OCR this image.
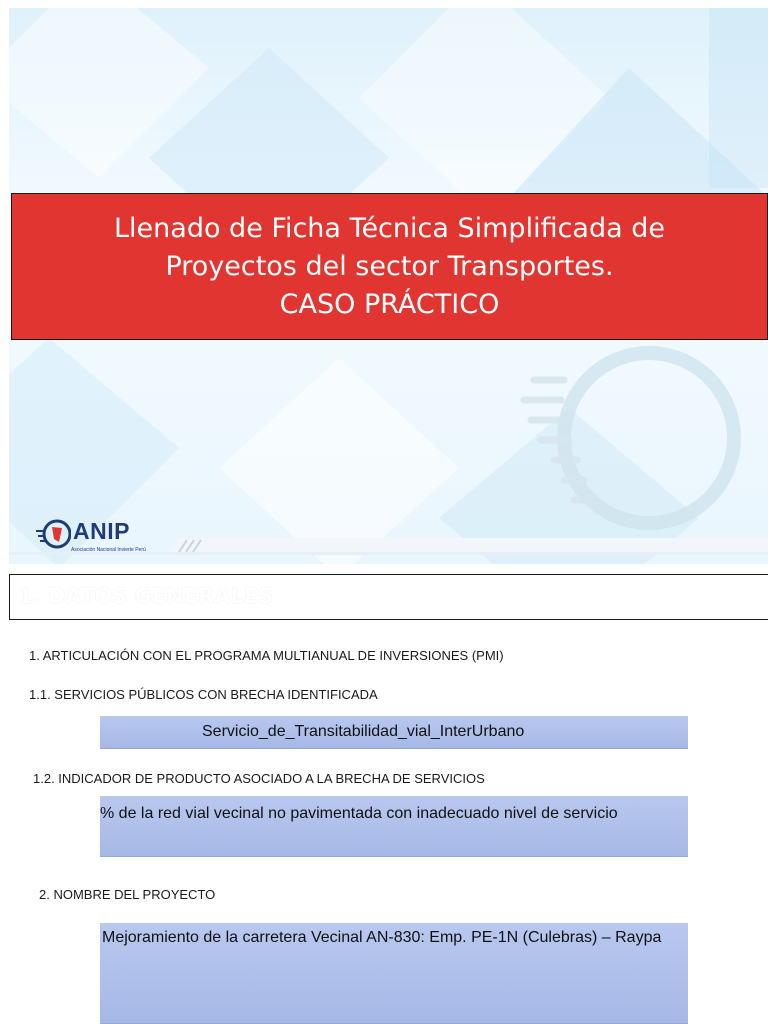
Llenado de Ficha Técnica Simplificada de
Proyectos del sector Transportes.
CASO PRÁCTICO
ANIP
Asociación Nacional Invierte Perú
1. DATOS GENERALES
1. ARTICULACIÓN CON EL PROGRAMA MULTIANUAL DE INVERSIONES (PMI)
1.1. SERVICIOS PÚBLICOS CON BRECHA IDENTIFICADA
Servicio_de_Transitabilidad_vial_InterUrbano
1.2. INDICADOR DE PRODUCTO ASOCIADO A LA BRECHA DE SERVICIOS
% de la red vial vecinal no pavimentada con inadecuado nivel de servicio
2. NOMBRE DEL PROYECTO
Mejoramiento de la carretera Vecinal AN-830: Emp. PE-1N (Culebras) – Raypa
